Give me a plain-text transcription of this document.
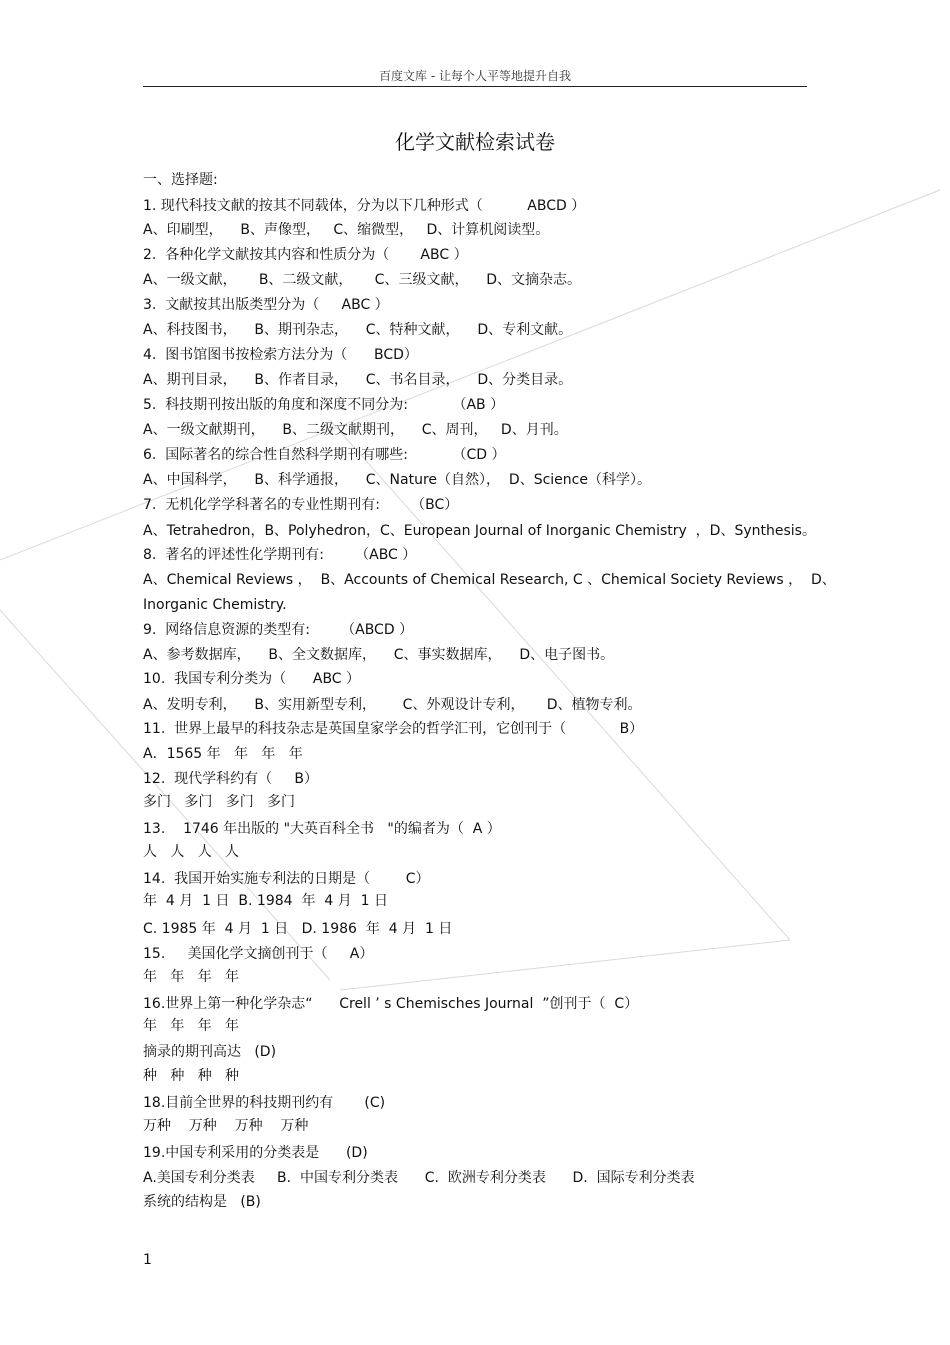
百度文库 - 让每个人平等地提升自我
化学文献检索试卷
一、选择题:
1. 现代科技文献的按其不同载体，分为以下几种形式（          ABCD ）
A、印刷型，    B、声像型，   C、缩微型，   D、计算机阅读型。
2.  各种化学文献按其内容和性质分为（       ABC ）
A、一级文献，     B、二级文献，     C、三级文献，    D、文摘杂志。
3.  文献按其出版类型分为（     ABC ）
A、科技图书，    B、期刊杂志，    C、特种文献，    D、专利文献。
4.  图书馆图书按检索方法分为（      BCD）
A、期刊目录，    B、作者目录，    C、书名目录，    D、分类目录。
5.  科技期刊按出版的角度和深度不同分为:          （AB ）
A、一级文献期刊，    B、二级文献期刊，    C、周刊，   D、月刊。
6.  国际著名的综合性自然科学期刊有哪些:          （CD ）
A、中国科学，    B、科学通报，    C、Nature（自然），  D、Science（科学）。
7.  无机化学学科著名的专业性期刊有:       （BC）
A、Tetrahedron，B、Polyhedron，C、European Journal of Inorganic Chemistry  ，D、Synthesis。
8.  著名的评述性化学期刊有:       （ABC ）
A、Chemical Reviews ，  B、Accounts of Chemical Research, C 、Chemical Society Reviews ，  D、
Inorganic Chemistry.
9.  网络信息资源的类型有:       （ABCD ）
A、参考数据库，    B、全文数据库，    C、事实数据库，    D、电子图书。
10.  我国专利分类为（      ABC ）
A、发明专利，    B、实用新型专利，      C、外观设计专利，     D、植物专利。
11.  世界上最早的科技杂志是英国皇家学会的哲学汇刊，它创刊于（            B）
A．1565 年   年   年   年
12.  现代学科约有（     B）
多门   多门   多门   多门
13.    1746 年出版的 "大英百科全书   "的编者为（  A ）
人   人   人   人
14.  我国开始实施专利法的日期是（        C）
年  4 月  1 日  B. 1984  年  4 月  1 日
C. 1985 年  4 月  1 日   D. 1986  年  4 月  1 日
15.     美国化学文摘创刊于（     A）
年   年   年   年
16.世界上第一种化学杂志“      Crell ’ s Chemisches Journal  ”创刊于（  C）
年   年   年   年
摘录的期刊高达   (D)
种   种   种   种
18.目前全世界的科技期刊约有       (C)
万种    万种    万种    万种
19.中国专利采用的分类表是      (D)
A.美国专利分类表     B.  中国专利分类表      C.  欧洲专利分类表      D.  国际专利分类表
系统的结构是   (B)
1
